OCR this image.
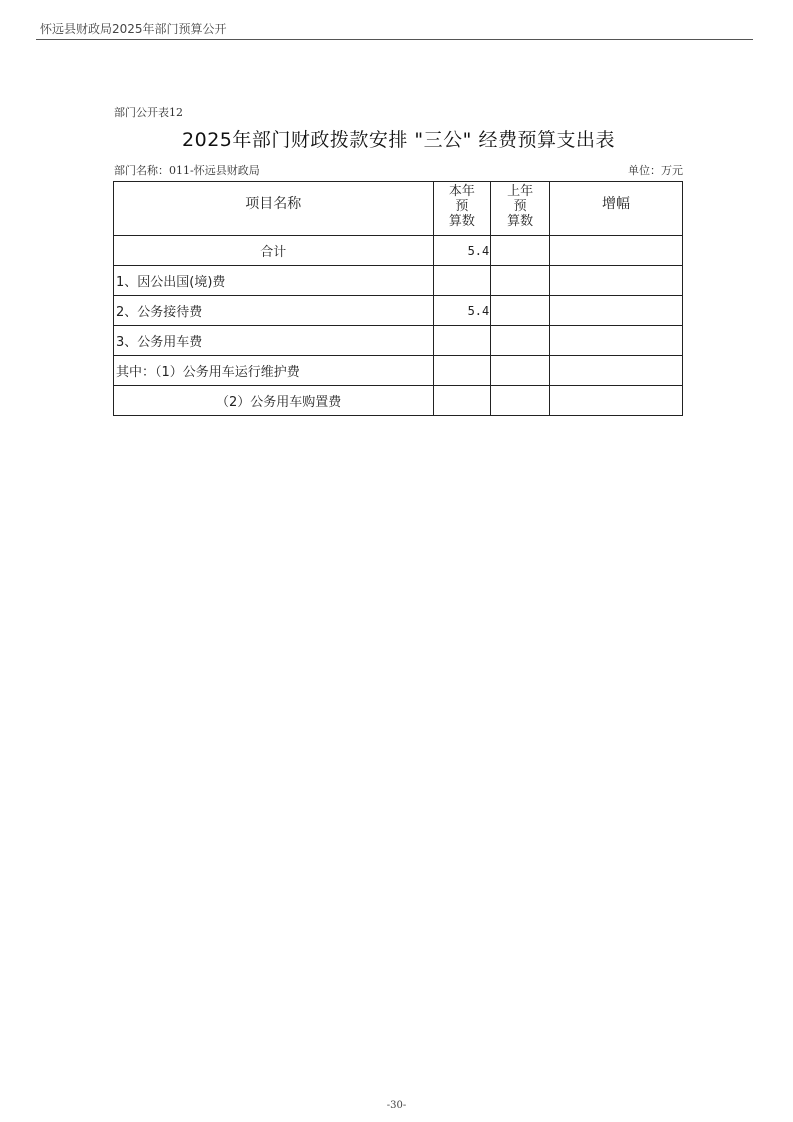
怀远县财政局2025年部门预算公开
部门公开表12
2025年部门财政拨款安排 "三公" 经费预算支出表
部门名称：011-怀远县财政局	单位：万元
项目名称	本年
预
算数	上年
预
算数	增幅

合计	5.4		

1、因公出国(境)费			

2、公务接待费	5.4		

3、公务用车费			

其中：（1）公务用车运行维护费			

（2）公务用车购置费			

-30-
